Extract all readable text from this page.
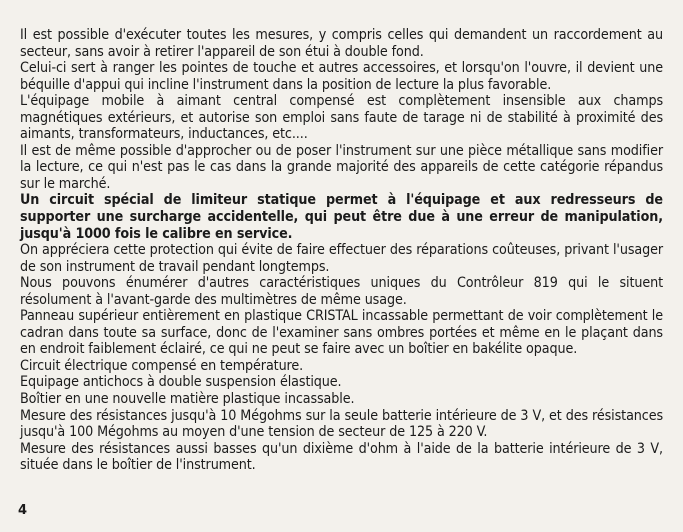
Il est possible d'exécuter toutes les mesures, y compris celles qui demandent un raccordement au secteur, sans avoir à retirer l'appareil de son étui à double fond.

Celui-ci sert à ranger les pointes de touche et autres accessoires, et lorsqu'on l'ouvre, il devient une béquille d'appui qui incline l'instrument dans la position de lecture la plus favorable.

L'équipage mobile à aimant central compensé est complètement insensible aux champs magnétiques extérieurs, et autorise son emploi sans faute de tarage ni de stabilité à proximité des aimants, transformateurs, inductances, etc....

Il est de même possible d'approcher ou de poser l'instrument sur une pièce métallique sans modifier la lecture, ce qui n'est pas le cas dans la grande majorité des appareils de cette catégorie répandus sur le marché.

Un circuit spécial de limiteur statique permet à l'équipage et aux redresseurs de supporter une surcharge accidentelle, qui peut être due à une erreur de manipulation, jusqu'à 1000 fois le calibre en service.

On appréciera cette protection qui évite de faire effectuer des réparations coûteuses, privant l'usager de son instrument de travail pendant longtemps.

Nous pouvons énumérer d'autres caractéristiques uniques du Contrôleur 819 qui le situent résolument à l'avant-garde des multimètres de même usage.

Panneau supérieur entièrement en plastique CRISTAL incassable permettant de voir complètement le cadran dans toute sa surface, donc de l'examiner sans ombres portées et même en le plaçant dans en endroit faiblement éclairé, ce qui ne peut se faire avec un boîtier en bakélite opaque.

Circuit électrique compensé en température.

Equipage antichocs à double suspension élastique.

Boîtier en une nouvelle matière plastique incassable.

Mesure des résistances jusqu'à 10 Mégohms sur la seule batterie intérieure de 3 V, et des résistances jusqu'à 100 Mégohms au moyen d'une tension de secteur de 125 à 220 V.

Mesure des résistances aussi basses qu'un dixième d'ohm à l'aide de la batterie intérieure de 3 V, située dans le boîtier de l'instrument.

4
